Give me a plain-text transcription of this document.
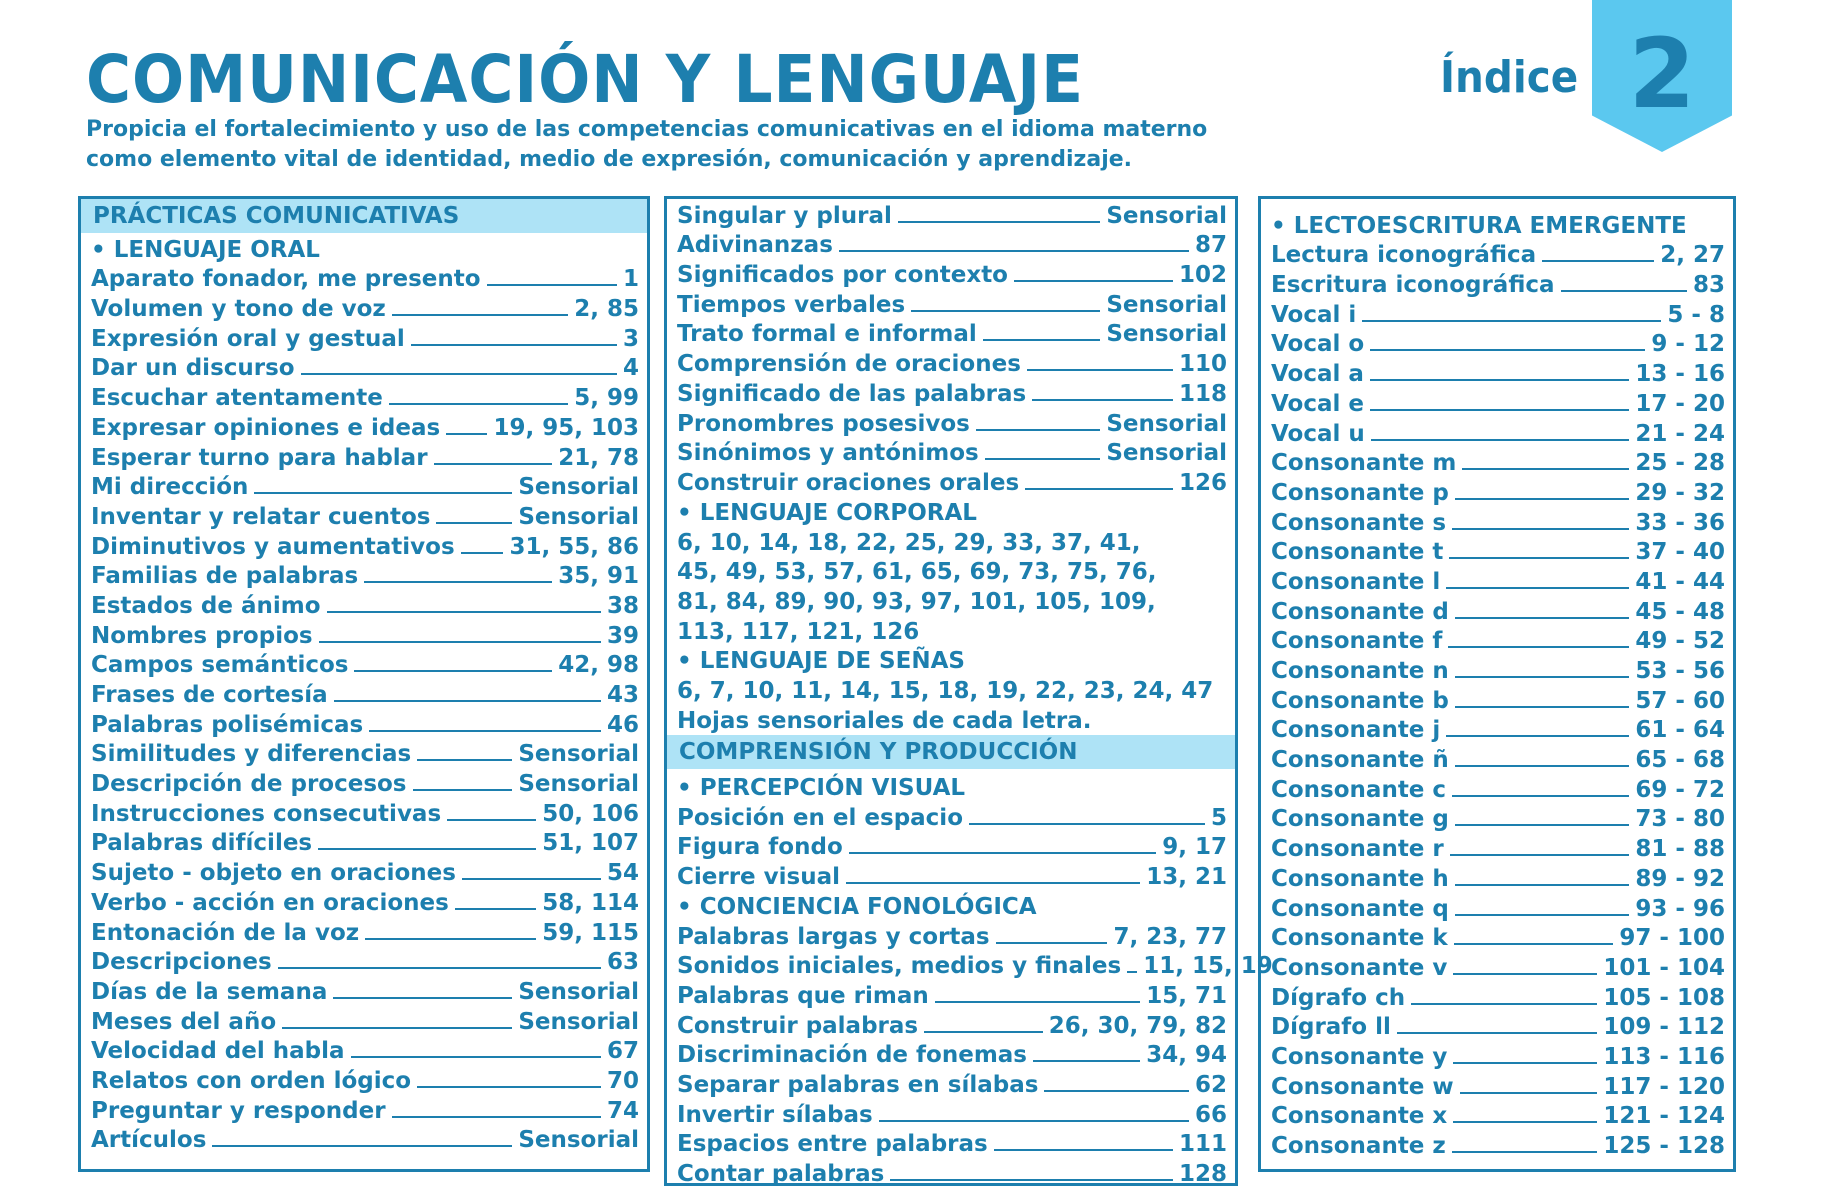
COMUNICACIÓN Y LENGUAJE
Propicia el fortalecimiento y uso de las competencias comunicativas en el idioma materno como elemento vital de identidad, medio de expresión, comunicación y aprendizaje.
Índice 2
PRÁCTICAS COMUNICATIVAS
• LENGUAJE ORAL
Aparato fonador, me presento	1
Volumen y tono de voz	2, 85
Expresión oral y gestual	3
Dar un discurso	4
Escuchar atentamente	5, 99
Expresar opiniones e ideas 19, 95, 103
Esperar turno para hablar	21, 78
Mi dirección	Sensorial
Inventar y relatar cuentos	Sensorial
Diminutivos y aumentativos 31, 55, 86
Familias de palabras	35, 91
Estados de ánimo	38
Nombres propios	39
Campos semánticos	42, 98
Frases de cortesía	43
Palabras polisémicas	46
Similitudes y diferencias	Sensorial
Descripción de procesos	Sensorial
Instrucciones consecutivas	50, 106
Palabras difíciles	51, 107
Sujeto - objeto en oraciones	54
Verbo - acción en oraciones	58, 114
Entonación de la voz	59, 115
Descripciones	63
Días de la semana	Sensorial
Meses del año	Sensorial
Velocidad del habla	67
Relatos con orden lógico	70
Preguntar y responder	74
Artículos	Sensorial
Singular y plural	Sensorial
Adivinanzas	87
Significados por contexto	102
Tiempos verbales	Sensorial
Trato formal e informal	Sensorial
Comprensión de oraciones	110
Significado de las palabras	118
Pronombres posesivos	Sensorial
Sinónimos y antónimos	Sensorial
Construir oraciones orales	126
• LENGUAJE CORPORAL
6, 10, 14, 18, 22, 25, 29, 33, 37, 41,
45, 49, 53, 57, 61, 65, 69, 73, 75, 76,
81, 84, 89, 90, 93, 97, 101, 105, 109,
113, 117, 121, 126
• LENGUAJE DE SEÑAS
6, 7, 10, 11, 14, 15, 18, 19, 22, 23, 24, 47
Hojas sensoriales de cada letra.
COMPRENSIÓN Y PRODUCCIÓN
• PERCEPCIÓN VISUAL
Posición en el espacio	5
Figura fondo	9, 17
Cierre visual	13, 21
• CONCIENCIA FONOLÓGICA
Palabras largas y cortas	7, 23, 77
Sonidos iniciales, medios y finales 11, 15, 19
Palabras que riman	15, 71
Construir palabras	26, 30, 79, 82
Discriminación de fonemas	34, 94
Separar palabras en sílabas	62
Invertir sílabas	66
Espacios entre palabras	111
Contar palabras	128
• LECTOESCRITURA EMERGENTE
Lectura iconográfica	2, 27
Escritura iconográfica	83
Vocal i	5 - 8
Vocal o	9 - 12
Vocal a	13 - 16
Vocal e	17 - 20
Vocal u	21 - 24
Consonante m	25 - 28
Consonante p	29 - 32
Consonante s	33 - 36
Consonante t	37 - 40
Consonante l	41 - 44
Consonante d	45 - 48
Consonante f	49 - 52
Consonante n	53 - 56
Consonante b	57 - 60
Consonante j	61 - 64
Consonante ñ	65 - 68
Consonante c	69 - 72
Consonante g	73 - 80
Consonante r	81 - 88
Consonante h	89 - 92
Consonante q	93 - 96
Consonante k	97 - 100
Consonante v	101 - 104
Dígrafo ch	105 - 108
Dígrafo ll	109 - 112
Consonante y	113 - 116
Consonante w	117 - 120
Consonante x	121 - 124
Consonante z	125 - 128
